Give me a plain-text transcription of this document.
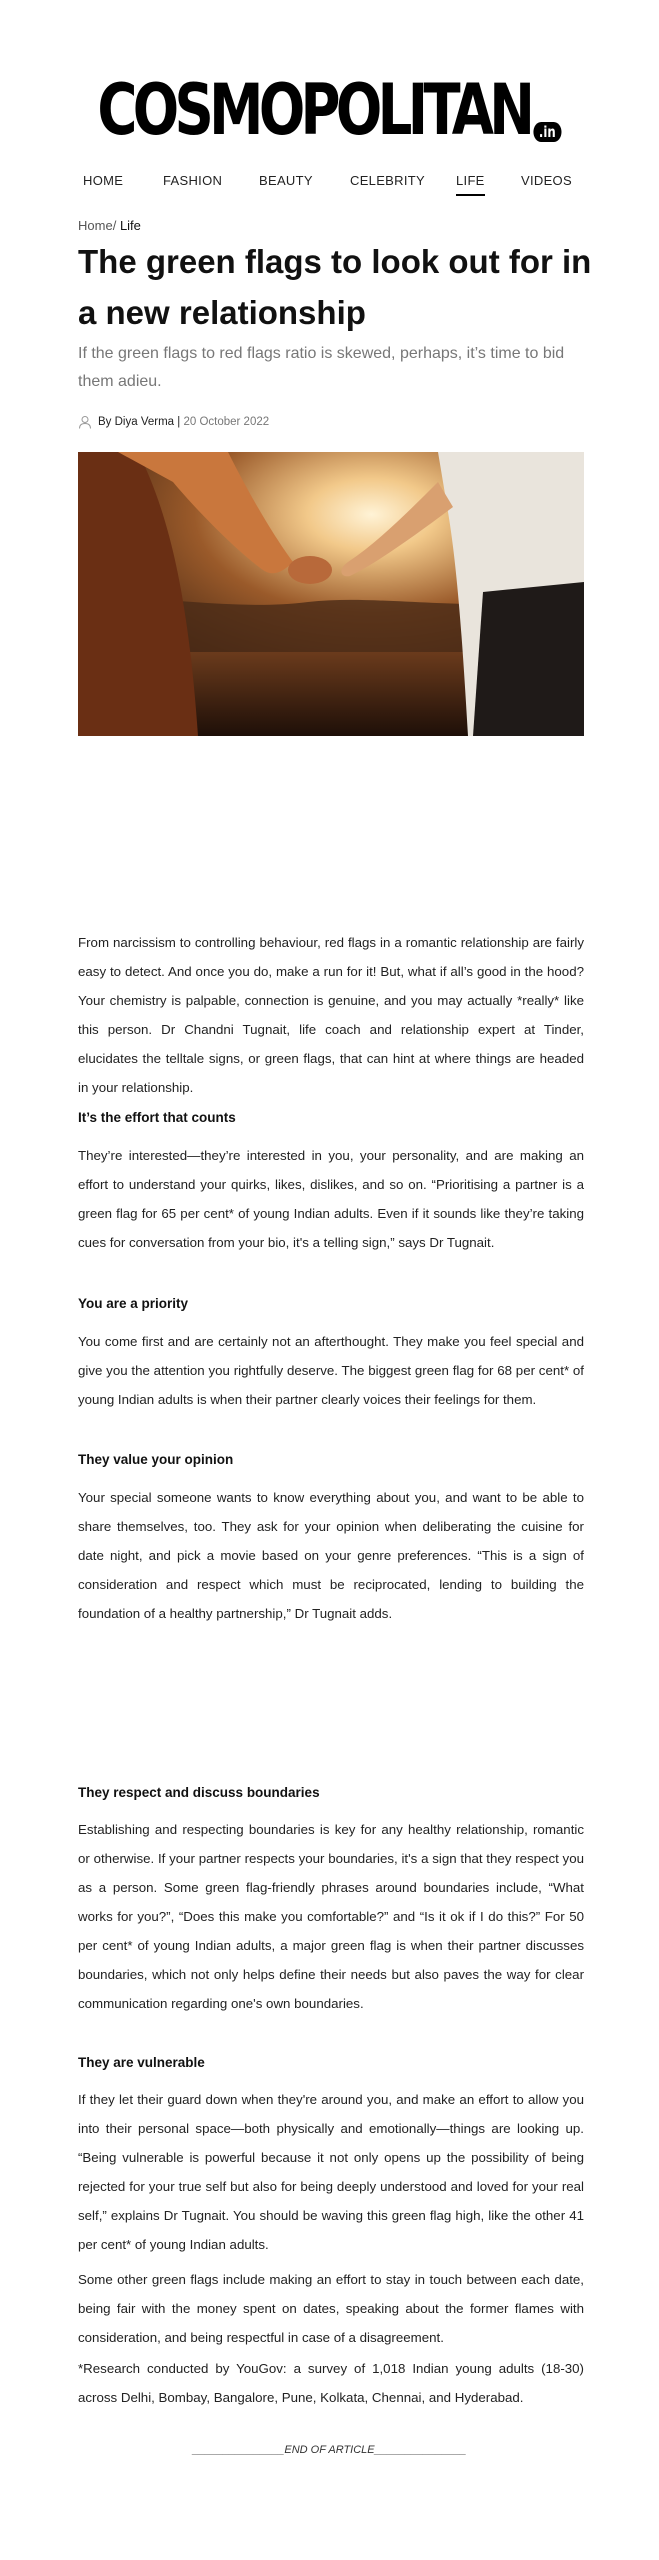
COSMOPOLITAN .in
HOME	FASHION	BEAUTY	CELEBRITY LIFE	VIDEOS
Home/ Life
The green flags to look out for in a new relationship

If the green flags to red flags ratio is skewed, perhaps, it’s time to bid them adieu.

By Diya Verma
|
20 October 2022

From narcissism to controlling behaviour, red flags in a romantic relationship are fairly easy to detect. And once you do, make a run for it! But, what if all’s good in the hood? Your chemistry is palpable, connection is genuine, and you may actually *really* like this person. Dr Chandni Tugnait, life coach and relationship expert at Tinder, elucidates the telltale signs, or green flags, that can hint at where things are headed in your relationship.

It’s the effort that counts

They’re interested—they’re interested in you, your personality, and are making an effort to understand your quirks, likes, dislikes, and so on. “Prioritising a partner is a green flag for 65 per cent* of young Indian adults. Even if it sounds like they’re taking cues for conversation from your bio, it's a telling sign,” says Dr Tugnait.

You are a priority

You come first and are certainly not an afterthought. They make you feel special and give you the attention you rightfully deserve. The biggest green flag for 68 per cent* of young Indian adults is when their partner clearly voices their feelings for them.

They value your opinion

Your special someone wants to know everything about you, and want to be able to share themselves, too. They ask for your opinion when deliberating the cuisine for date night, and pick a movie based on your genre preferences. “This is a sign of consideration and respect which must be reciprocated, lending to building the foundation of a healthy partnership,” Dr Tugnait adds.

They respect and discuss boundaries

Establishing and respecting boundaries is key for any healthy relationship, romantic or otherwise. If your partner respects your boundaries, it's a sign that they respect you as a person. Some green flag-friendly phrases around boundaries include, “What works for you?”, “Does this make you comfortable?” and “Is it ok if I do this?” For 50 per cent* of young Indian adults, a major green flag is when their partner discusses boundaries, which not only helps define their needs but also paves the way for clear communication regarding one's own boundaries.

They are vulnerable

If they let their guard down when they're around you, and make an effort to allow you into their personal space—both physically and emotionally—things are looking up. “Being vulnerable is powerful because it not only opens up the possibility of being rejected for your true self but also for being deeply understood and loved for your real self,” explains Dr Tugnait. You should be waving this green flag high, like the other 41 per cent* of young Indian adults.

Some other green flags include making an effort to stay in touch between each date, being fair with the money spent on dates, speaking about the former flames with consideration, and being respectful in case of a disagreement.

*Research conducted by YouGov: a survey of 1,018 Indian young adults (18-30) across Delhi, Bombay, Bangalore, Pune, Kolkata, Chennai, and Hyderabad.

_______________END OF ARTICLE_______________
